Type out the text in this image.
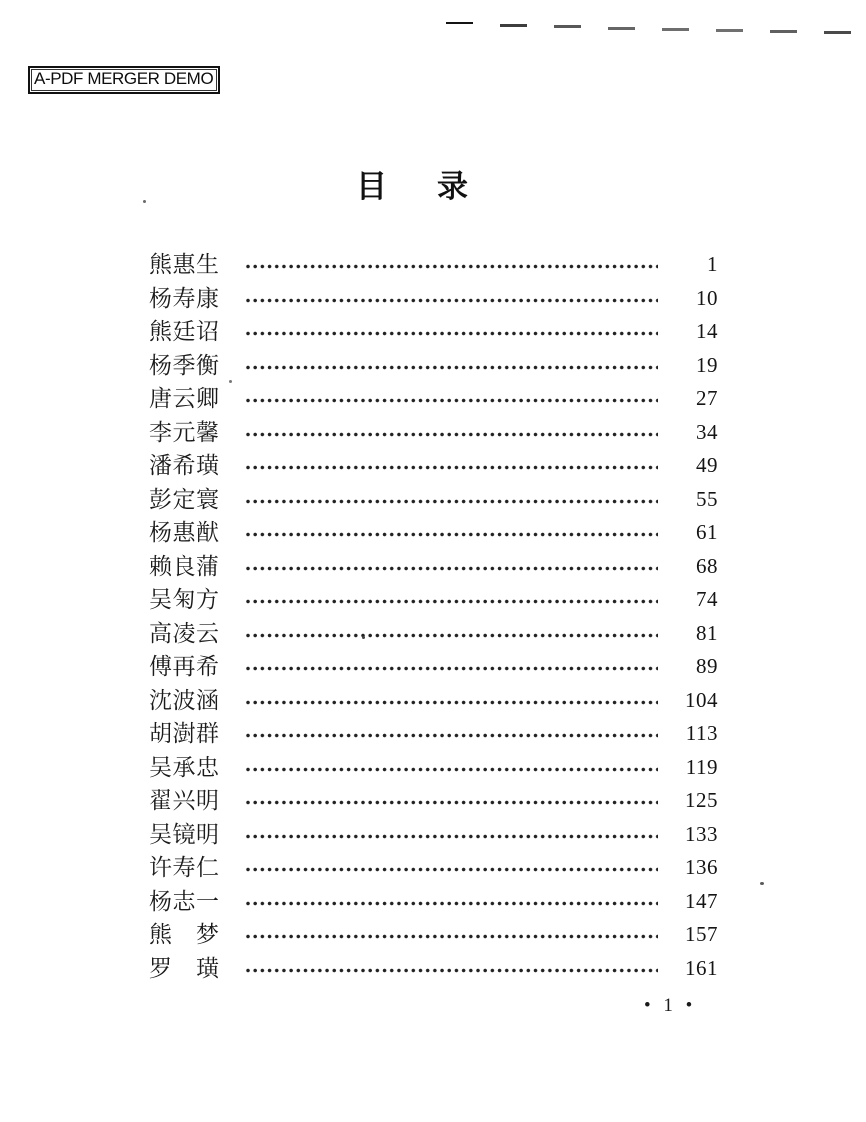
A-PDF MERGER DEMO
目 录
熊惠生	1
杨寿康	10
熊廷诏	14
杨季衡	19
唐云卿	27
李元馨	34
潘希璜	49
彭定寰	55
杨惠猷	61
赖良蒲	68
吴匊方	74
高凌云	81
傅再希	89
沈波涵	104
胡澍群	113
吴承忠	119
翟兴明	125
吴镜明	133
许寿仁	136
杨志一	147
熊　梦	157
罗　璜	161
• 1 •
